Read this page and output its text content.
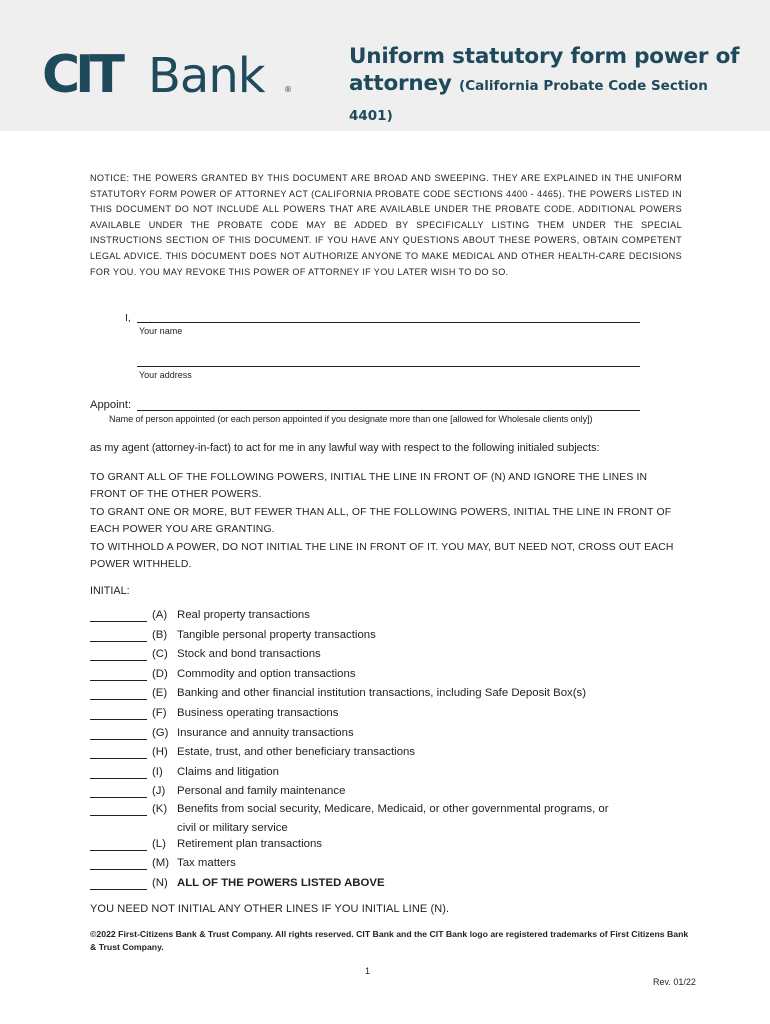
CIT Bank ®
Uniform statutory form power of
attorney (California Probate Code Section 4401)
NOTICE: THE POWERS GRANTED BY THIS DOCUMENT ARE BROAD AND SWEEPING. THEY ARE EXPLAINED IN THE UNIFORM STATUTORY FORM POWER OF ATTORNEY ACT (CALIFORNIA PROBATE CODE SECTIONS 4400 - 4465). THE POWERS LISTED IN THIS DOCUMENT DO NOT INCLUDE ALL POWERS THAT ARE AVAILABLE UNDER THE PROBATE CODE. ADDITIONAL POWERS AVAILABLE UNDER THE PROBATE CODE MAY BE ADDED BY SPECIFICALLY LISTING THEM UNDER THE SPECIAL INSTRUCTIONS SECTION OF THIS DOCUMENT. IF YOU HAVE ANY QUESTIONS ABOUT THESE POWERS, OBTAIN COMPETENT LEGAL ADVICE. THIS DOCUMENT DOES NOT AUTHORIZE ANYONE TO MAKE MEDICAL AND OTHER HEALTH-CARE DECISIONS FOR YOU. YOU MAY REVOKE THIS POWER OF ATTORNEY IF YOU LATER WISH TO DO SO.
I,
Your name
Your address
Appoint:
Name of person appointed (or each person appointed if you designate more than one [allowed for Wholesale clients only])
as my agent (attorney-in-fact) to act for me in any lawful way with respect to the following initialed subjects:
TO GRANT ALL OF THE FOLLOWING POWERS, INITIAL THE LINE IN FRONT OF (N) AND IGNORE THE LINES IN FRONT OF THE OTHER POWERS.
TO GRANT ONE OR MORE, BUT FEWER THAN ALL, OF THE FOLLOWING POWERS, INITIAL THE LINE IN FRONT OF EACH POWER YOU ARE GRANTING.
TO WITHHOLD A POWER, DO NOT INITIAL THE LINE IN FRONT OF IT. YOU MAY, BUT NEED NOT, CROSS OUT EACH POWER WITHHELD.
INITIAL:
(A) Real property transactions
(B) Tangible personal property transactions
(C) Stock and bond transactions
(D) Commodity and option transactions
(E) Banking and other financial institution transactions, including Safe Deposit Box(s)
(F) Business operating transactions
(G) Insurance and annuity transactions
(H) Estate, trust, and other beneficiary transactions
(I) Claims and litigation
(J) Personal and family maintenance
(K) Benefits from social security, Medicare, Medicaid, or other governmental programs, or
civil or military service
(L) Retirement plan transactions
(M) Tax matters
(N) ALL OF THE POWERS LISTED ABOVE
YOU NEED NOT INITIAL ANY OTHER LINES IF YOU INITIAL LINE (N).
©2022 First-Citizens Bank & Trust Company. All rights reserved. CIT Bank and the CIT Bank logo are registered trademarks of First Citizens Bank & Trust Company.
1
Rev. 01/22
